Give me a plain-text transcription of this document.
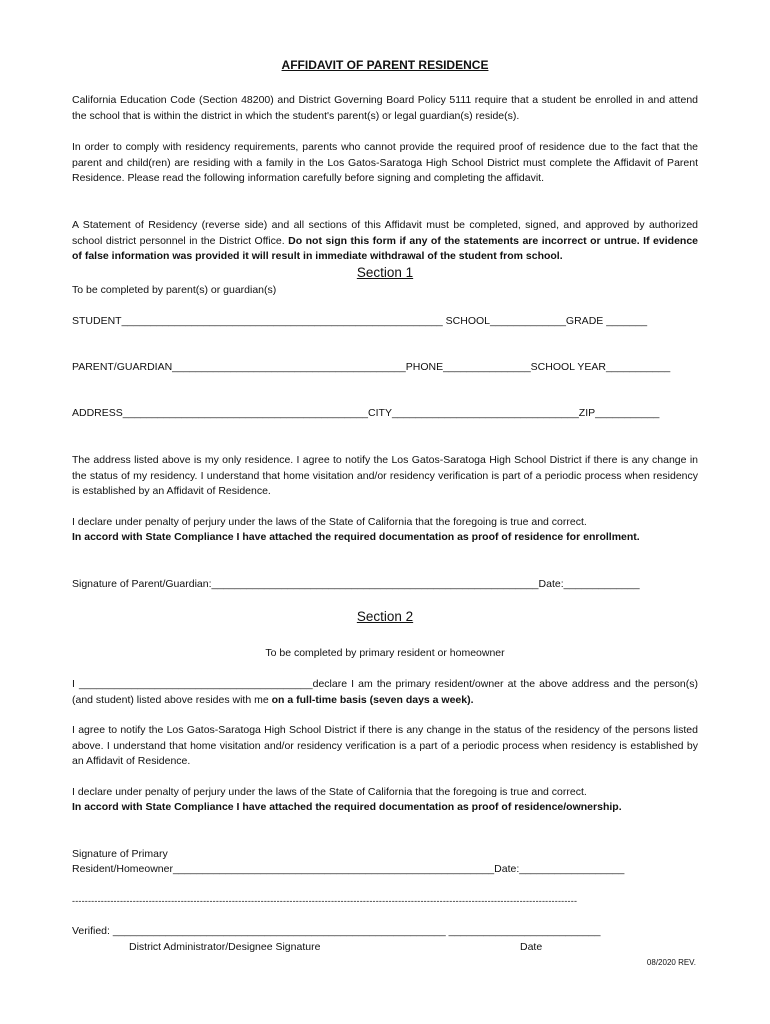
AFFIDAVIT OF PARENT RESIDENCE
California Education Code (Section 48200) and District Governing Board Policy 5111 require that a student be enrolled in and attend the school that is within the district in which the student's parent(s) or legal guardian(s) reside(s).
In order to comply with residency requirements, parents who cannot provide the required proof of residence due to the fact that the parent and child(ren) are residing with a family in the Los Gatos-Saratoga High School District must complete the Affidavit of Parent Residence. Please read the following information carefully before signing and completing the affidavit.
A Statement of Residency (reverse side) and all sections of this Affidavit must be completed, signed, and approved by authorized school district personnel in the District Office. Do not sign this form if any of the statements are incorrect or untrue. If evidence of false information was provided it will result in immediate withdrawal of the student from school.
Section 1
To be completed by parent(s) or guardian(s)
STUDENT_______________________________________________________ SCHOOL_____________GRADE _______
PARENT/GUARDIAN________________________________________PHONE_______________SCHOOL YEAR___________
ADDRESS__________________________________________CITY________________________________ZIP___________
The address listed above is my only residence. I agree to notify the Los Gatos-Saratoga High School District if there is any change in the status of my residency. I understand that home visitation and/or residency verification is part of a periodic process when residency is established by an Affidavit of Residence.
I declare under penalty of perjury under the laws of the State of California that the foregoing is true and correct.
In accord with State Compliance I have attached the required documentation as proof of residence for enrollment.
Signature of Parent/Guardian:________________________________________________________Date:_____________
Section 2
To be completed by primary resident or homeowner
I ________________________________________declare I am the primary resident/owner at the above address and the person(s) (and student) listed above resides with me on a full-time basis (seven days a week).
I agree to notify the Los Gatos-Saratoga High School District if there is any change in the status of the residency of the persons listed above. I understand that home visitation and/or residency verification is a part of a periodic process when residency is established by an Affidavit of Residence.
I declare under penalty of perjury under the laws of the State of California that the foregoing is true and correct.
In accord with State Compliance I have attached the required documentation as proof of residence/ownership.
Signature of Primary
Resident/Homeowner_______________________________________________________Date:__________________
--------------------------------------------------------------------------------------------------------------------------------------------------------------
Verified: _________________________________________________________ __________________________
District Administrator/Designee Signature	Date
08/2020 REV.
